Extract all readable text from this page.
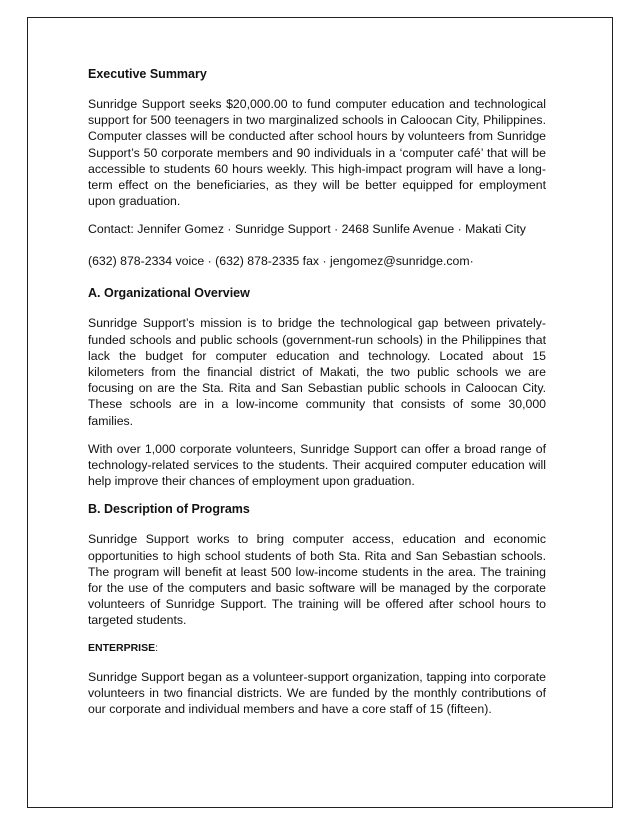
Executive Summary

Sunridge Support seeks $20,000.00 to fund computer education and technological support for 500 teenagers in two marginalized schools in Caloocan City, Philippines. Computer classes will be conducted after school hours by volunteers from Sunridge Support’s 50 corporate members and 90 individuals in a ‘computer café’ that will be accessible to students 60 hours weekly. This high-impact program will have a long-term effect on the beneficiaries, as they will be better equipped for employment upon graduation.

Contact: Jennifer Gomez · Sunridge Support · 2468 Sunlife Avenue · Makati City
(632) 878-2334 voice · (632) 878-2335 fax · jengomez@sunridge.com·
A. Organizational Overview

Sunridge Support’s mission is to bridge the technological gap between privately-funded schools and public schools (government-run schools) in the Philippines that lack the budget for computer education and technology. Located about 15 kilometers from the financial district of Makati, the two public schools we are focusing on are the Sta. Rita and San Sebastian public schools in Caloocan City. These schools are in a low-income community that consists of some 30,000 families.

With over 1,000 corporate volunteers, Sunridge Support can offer a broad range of technology-related services to the students. Their acquired computer education will help improve their chances of employment upon graduation.

B. Description of Programs

Sunridge Support works to bring computer access, education and economic opportunities to high school students of both Sta. Rita and San Sebastian schools. The program will benefit at least 500 low-income students in the area. The training for the use of the computers and basic software will be managed by the corporate volunteers of Sunridge Support. The training will be offered after school hours to targeted students.

ENTERPRISE:

Sunridge Support began as a volunteer-support organization, tapping into corporate volunteers in two financial districts. We are funded by the monthly contributions of our corporate and individual members and have a core staff of 15 (fifteen).
